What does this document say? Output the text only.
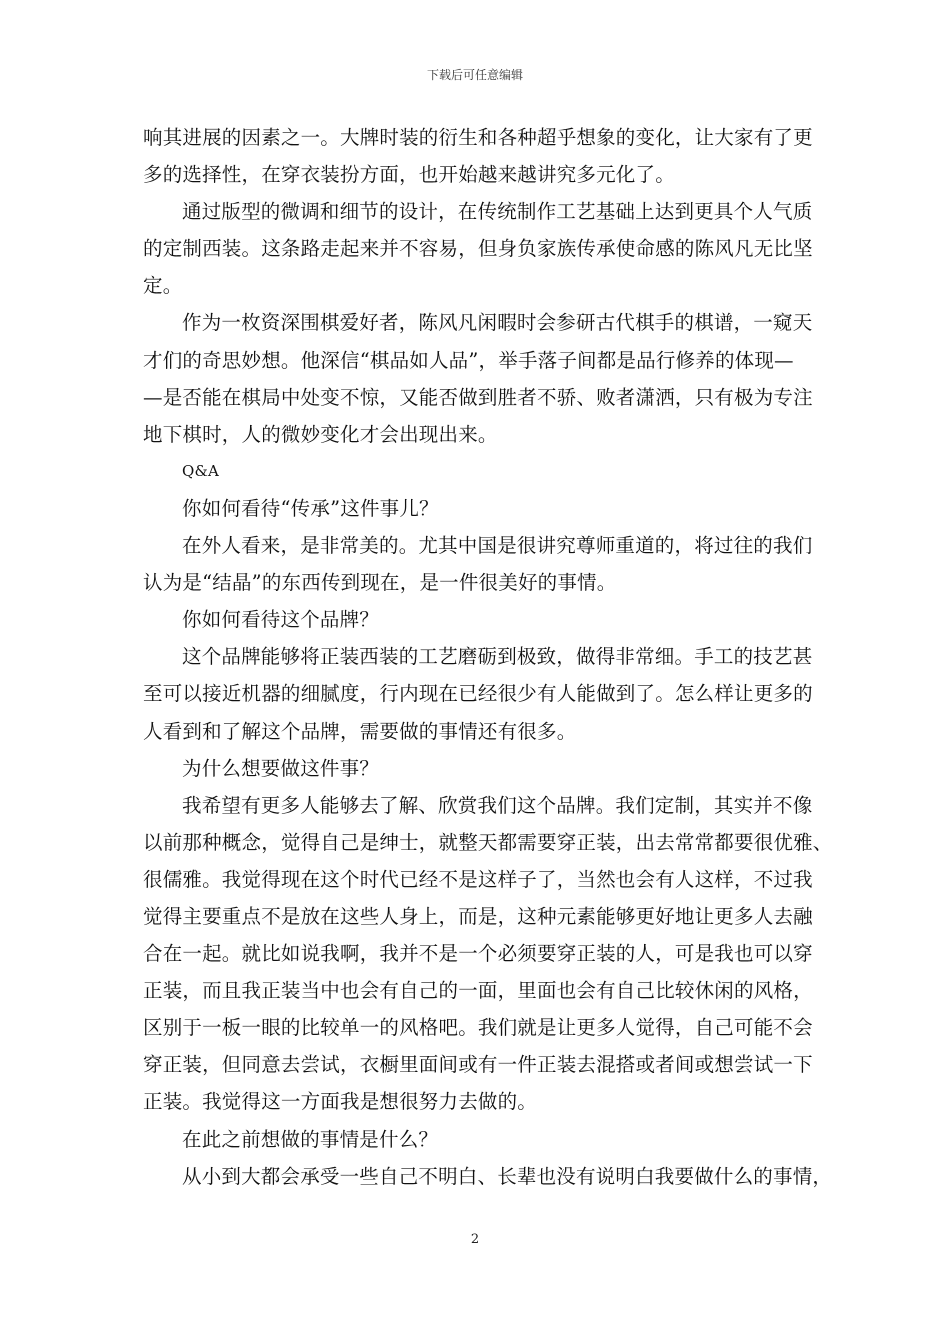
下载后可任意编辑
响其进展的因素之一。大牌时装的衍生和各种超乎想象的变化，让大家有了更
多的选择性，在穿衣装扮方面，也开始越来越讲究多元化了。
通过版型的微调和细节的设计，在传统制作工艺基础上达到更具个人气质
的定制西装。这条路走起来并不容易，但身负家族传承使命感的陈风凡无比坚
定。
作为一枚资深围棋爱好者，陈风凡闲暇时会参研古代棋手的棋谱，一窥天
才们的奇思妙想。他深信“棋品如人品”，举手落子间都是品行修养的体现—
—是否能在棋局中处变不惊，又能否做到胜者不骄、败者潇洒，只有极为专注
地下棋时，人的微妙变化才会出现出来。
Q&A
你如何看待“传承”这件事儿？
在外人看来，是非常美的。尤其中国是很讲究尊师重道的，将过往的我们
认为是“结晶”的东西传到现在，是一件很美好的事情。
你如何看待这个品牌？
这个品牌能够将正装西装的工艺磨砺到极致，做得非常细。手工的技艺甚
至可以接近机器的细腻度，行内现在已经很少有人能做到了。怎么样让更多的
人看到和了解这个品牌，需要做的事情还有很多。
为什么想要做这件事？
我希望有更多人能够去了解、欣赏我们这个品牌。我们定制，其实并不像
以前那种概念，觉得自己是绅士，就整天都需要穿正装，出去常常都要很优雅、
很儒雅。我觉得现在这个时代已经不是这样子了，当然也会有人这样，不过我
觉得主要重点不是放在这些人身上，而是，这种元素能够更好地让更多人去融
合在一起。就比如说我啊，我并不是一个必须要穿正装的人，可是我也可以穿
正装，而且我正装当中也会有自己的一面，里面也会有自己比较休闲的风格，
区别于一板一眼的比较单一的风格吧。我们就是让更多人觉得，自己可能不会
穿正装，但同意去尝试，衣橱里面间或有一件正装去混搭或者间或想尝试一下
正装。我觉得这一方面我是想很努力去做的。
在此之前想做的事情是什么？
从小到大都会承受一些自己不明白、长辈也没有说明白我要做什么的事情，
2
